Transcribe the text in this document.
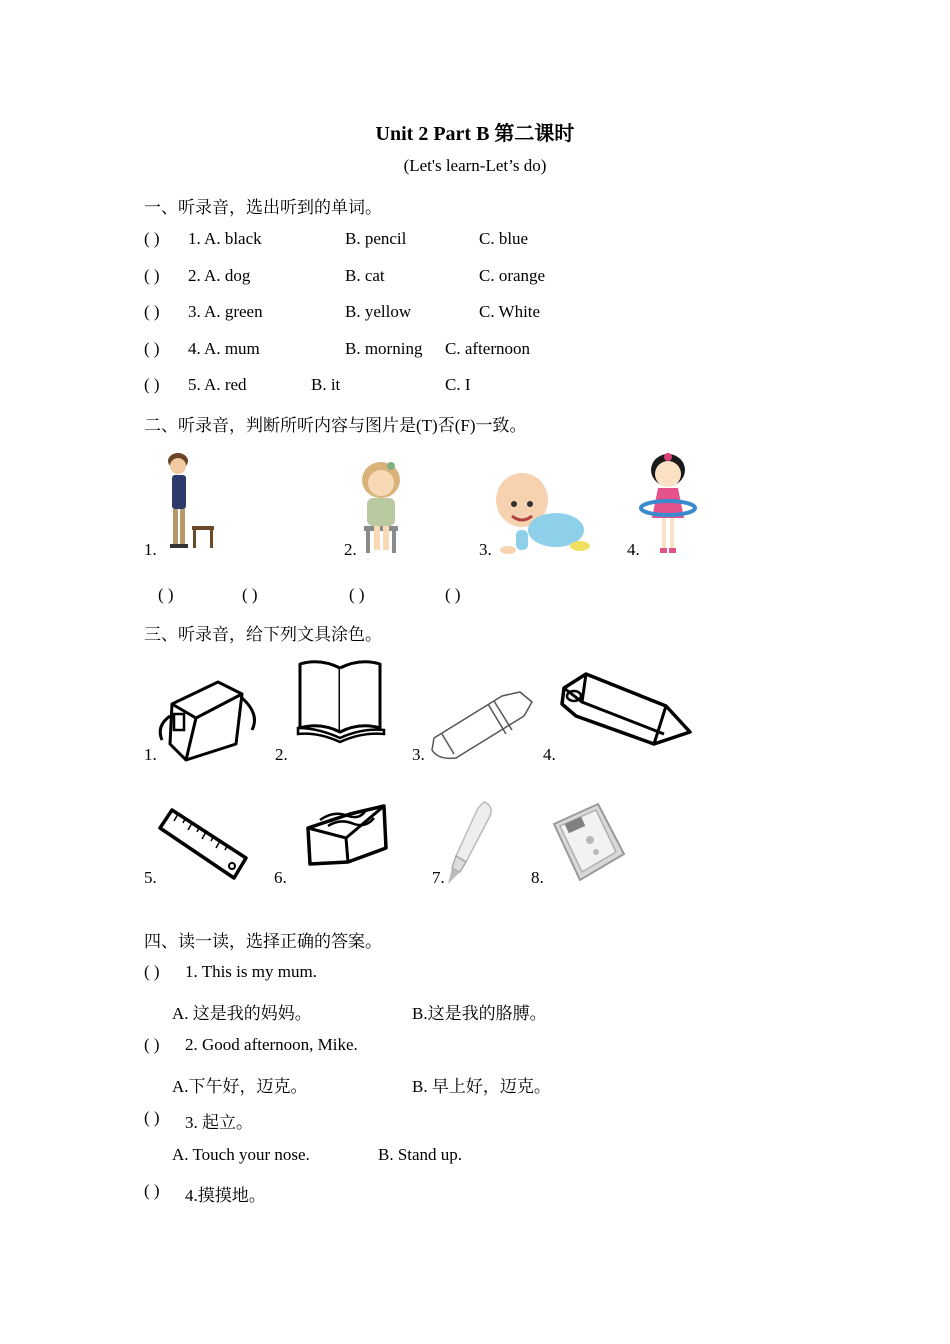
Unit 2 Part B 第二课时
(Let's learn-Let’s do)
一、听录音，选出听到的单词。
( ) 1. A. black	B. pencil	C. blue
( ) 2. A. dog	B. cat	C. orange
( ) 3. A. green	B. yellow	C. White
( ) 4. A. mum	B. morning C. afternoon
( ) 5. A. red	B. it	C. I
二、听录音，判断所听内容与图片是(T)否(F)一致。
1.	2.	3.	4.
( )	( )	( )	( )
三、听录音，给下列文具涂色。
1.	2.	3.	4.
5.	6.	7.	8.
四、读一读，选择正确的答案。
( ) 1. This is my mum.
A. 这是我的妈妈。	B.这是我的胳膊。
( ) 2. Good afternoon, Mike.
A.下午好，迈克。	B. 早上好，迈克。
( ) 3. 起立。
A. Touch your nose.	B. Stand up.
( ) 4.摸摸地。
